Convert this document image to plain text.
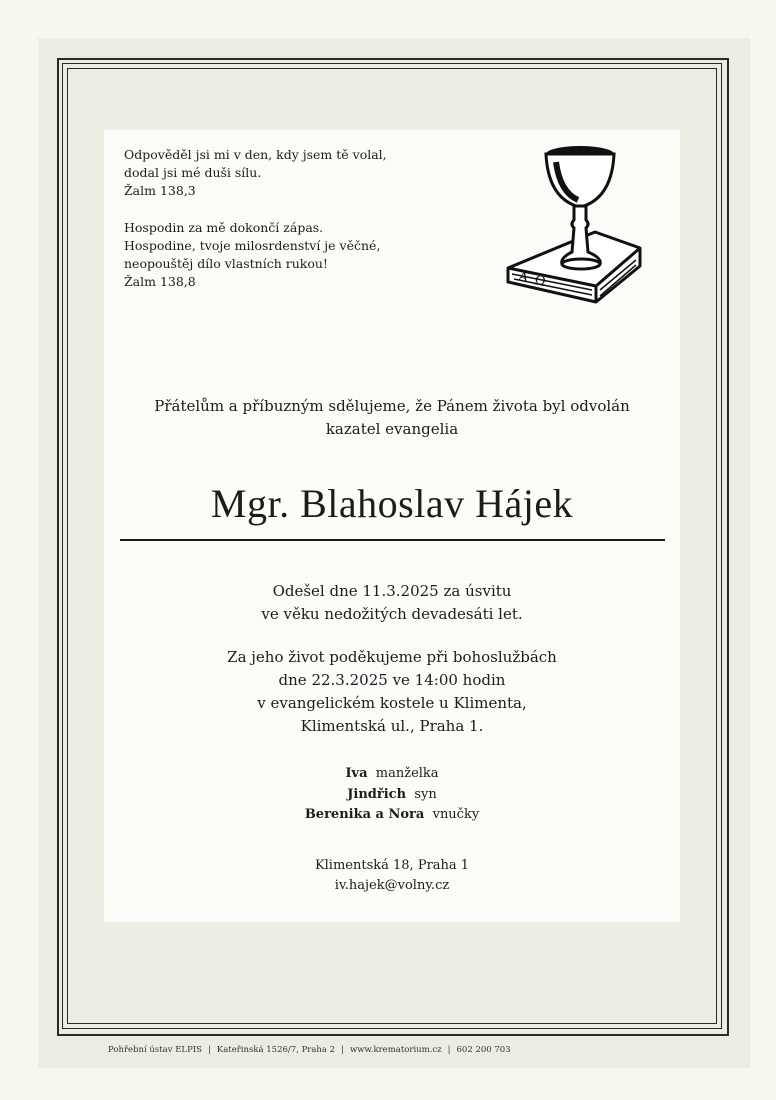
Odpověděl jsi mi v den, kdy jsem tě volal,

dodal jsi mé duši sílu.

Žalm 138,3

Hospodin za mě dokončí zápas.

Hospodine, tvoje milosrdenství je věčné,

neopouštěj dílo vlastních rukou!

Žalm 138,8	A Ω
Přátelům a příbuzným sdělujeme, že Pánem života byl odvolán
kazatel evangelia
Mgr. Blahoslav Hájek

Odešel dne 11.3.2025 za úsvitu

ve věku nedožitých devadesáti let.

Za jeho život poděkujeme při bohoslužbách

dne 22.3.2025 ve 14:00 hodin

v evangelickém kostele u Klimenta,

Klimentská ul., Praha 1.

Iva manželka

Jindřich syn

Berenika a Nora vnučky

Klimentská 18, Praha 1

iv.hajek@volny.cz

Pohřební ústav ELPIS | Kateřinská 1526/7, Praha 2 | www.krematorium.cz | 602 200 703
